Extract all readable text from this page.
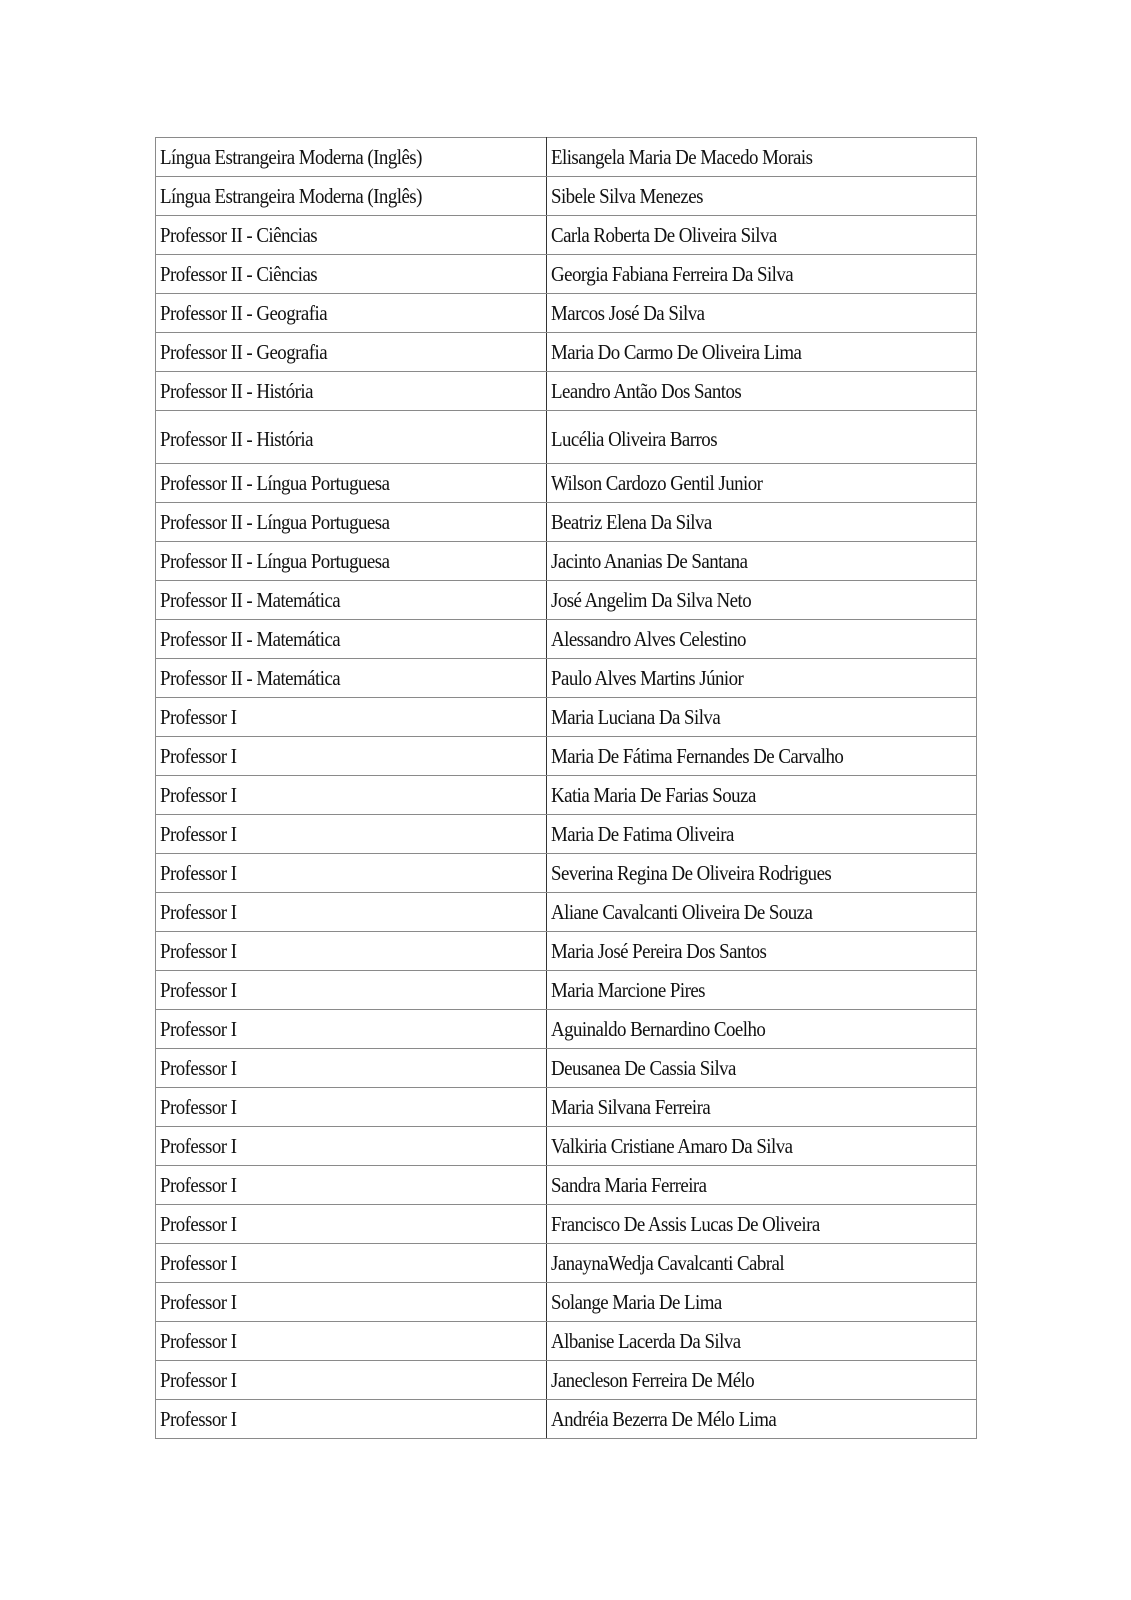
Língua Estrangeira Moderna (Inglês)	Elisangela Maria De Macedo Morais
Língua Estrangeira Moderna (Inglês)	Sibele Silva Menezes
Professor II - Ciências	Carla Roberta De Oliveira Silva
Professor II - Ciências	Georgia Fabiana Ferreira Da Silva
Professor II - Geografia	Marcos José Da Silva
Professor II - Geografia	Maria Do Carmo De Oliveira Lima
Professor II - História	Leandro Antão Dos Santos
Professor II - História	Lucélia Oliveira Barros
Professor II - Língua Portuguesa	Wilson Cardozo Gentil Junior
Professor II - Língua Portuguesa	Beatriz Elena Da Silva
Professor II - Língua Portuguesa	Jacinto Ananias De Santana
Professor II - Matemática	José Angelim Da Silva Neto
Professor II - Matemática	Alessandro Alves Celestino
Professor II - Matemática	Paulo Alves Martins Júnior
Professor I	Maria Luciana Da Silva
Professor I	Maria De Fátima Fernandes De Carvalho
Professor I	Katia Maria De Farias Souza
Professor I	Maria De Fatima Oliveira
Professor I	Severina Regina De Oliveira Rodrigues
Professor I	Aliane Cavalcanti Oliveira De Souza
Professor I	Maria José Pereira Dos Santos
Professor I	Maria Marcione Pires
Professor I	Aguinaldo Bernardino Coelho
Professor I	Deusanea De Cassia Silva
Professor I	Maria Silvana Ferreira
Professor I	Valkiria Cristiane Amaro Da Silva
Professor I	Sandra Maria Ferreira
Professor I	Francisco De Assis Lucas De Oliveira
Professor I	JanaynaWedja Cavalcanti Cabral
Professor I	Solange Maria De Lima
Professor I	Albanise Lacerda Da Silva
Professor I	Janecleson Ferreira De Mélo
Professor I	Andréia Bezerra De Mélo Lima
